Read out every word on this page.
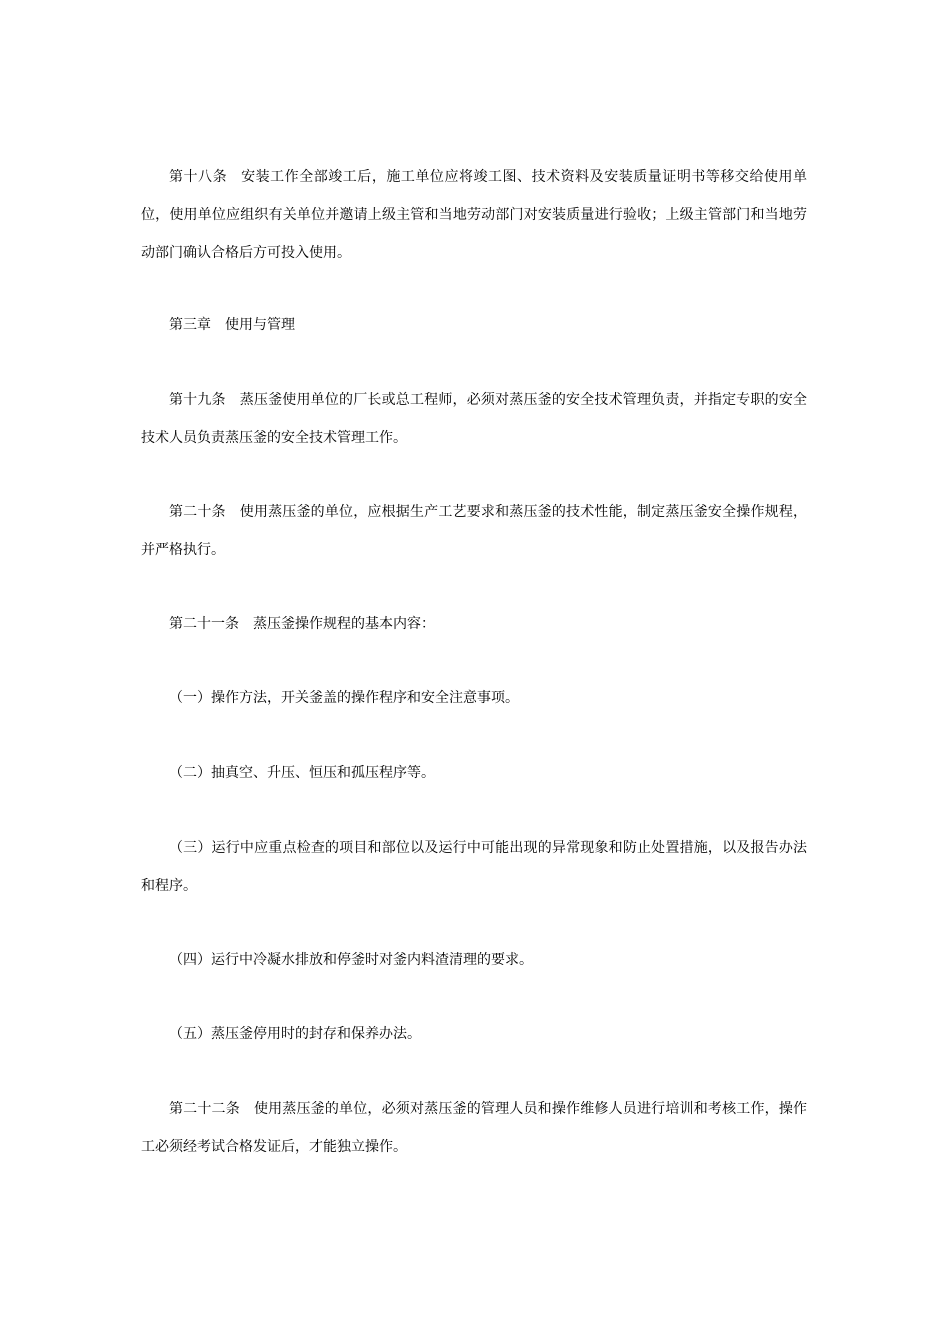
第十八条 安装工作全部竣工后，施工单位应将竣工图、技术资料及安装质量证明书等移交给使用单位，使用单位应组织有关单位并邀请上级主管和当地劳动部门对安装质量进行验收；上级主管部门和当地劳动部门确认合格后方可投入使用。

第三章 使用与管理

第十九条 蒸压釜使用单位的厂长或总工程师，必须对蒸压釜的安全技术管理负责，并指定专职的安全技术人员负责蒸压釜的安全技术管理工作。

第二十条 使用蒸压釜的单位，应根据生产工艺要求和蒸压釜的技术性能，制定蒸压釜安全操作规程，并严格执行。

第二十一条 蒸压釜操作规程的基本内容：

（一）操作方法，开关釜盖的操作程序和安全注意事项。

（二）抽真空、升压、恒压和孤压程序等。

（三）运行中应重点检查的项目和部位以及运行中可能出现的异常现象和防止处置措施，以及报告办法和程序。

（四）运行中冷凝水排放和停釜时对釜内料渣清理的要求。

（五）蒸压釜停用时的封存和保养办法。

第二十二条 使用蒸压釜的单位，必须对蒸压釜的管理人员和操作维修人员进行培训和考核工作，操作工必须经考试合格发证后，才能独立操作。
